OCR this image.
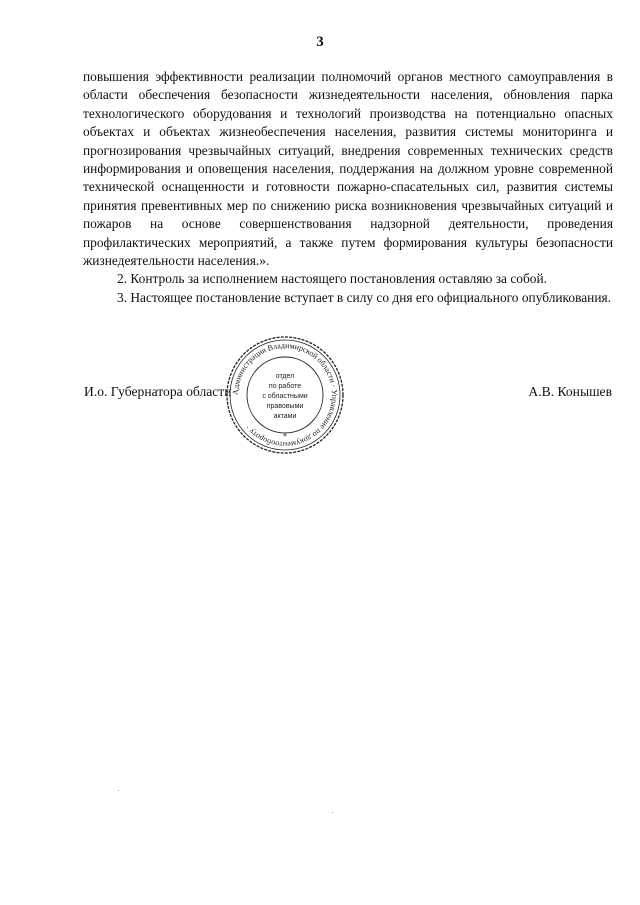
3

повышения эффективности реализации полномочий органов местного самоуправления в области обеспечения безопасности жизнедеятельности населения, обновления парка технологического оборудования и технологий производства на потенциально опасных объектах и объектах жизнеобеспечения населения, развития системы мониторинга и прогнозирования чрезвычайных ситуаций, внедрения современных технических средств информирования и оповещения населения, поддержания на должном уровне современной технической оснащенности и готовности пожарно-спасательных сил, развития системы принятия превентивных мер по снижению риска возникновения чрезвычайных ситуаций и пожаров на основе совершенствования надзорной деятельности, проведения профилактических мероприятий, а также путем формирования культуры безопасности жизнедеятельности населения.».

2. Контроль за исполнением настоящего постановления оставляю за собой.

3. Настоящее постановление вступает в силу со дня его официального опубликования.

И.о. Губернатора области	А.В. Конышев
Администрация Владимирской области · Управление по документообороту ·
*
отдел
по работе
с областными
правовыми
актами
